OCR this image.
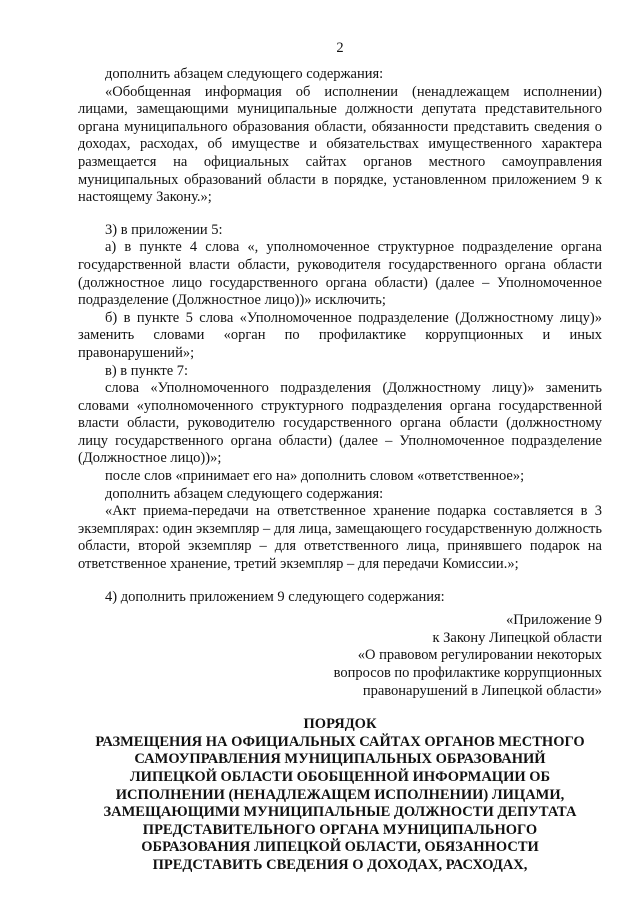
2

дополнить абзацем следующего содержания:

«Обобщенная информация об исполнении (ненадлежащем исполнении) лицами, замещающими муниципальные должности депутата представительного органа муниципального образования области, обязанности представить сведения о доходах, расходах, об имуществе и обязательствах имущественного характера размещается на официальных сайтах органов местного самоуправления муниципальных образований области в порядке, установленном приложением 9 к настоящему Закону.»;

3) в приложении 5:

а) в пункте 4 слова «, уполномоченное структурное подразделение органа государственной власти области, руководителя государственного органа области (должностное лицо государственного органа области) (далее – Уполномоченное подразделение (Должностное лицо))» исключить;

б) в пункте 5 слова «Уполномоченное подразделение (Должностному лицу)» заменить словами «орган по профилактике коррупционных и иных правонарушений»;

в) в пункте 7:

слова «Уполномоченного подразделения (Должностному лицу)» заменить словами «уполномоченного структурного подразделения органа государственной власти области, руководителю государственного органа области (должностному лицу государственного органа области) (далее – Уполномоченное подразделение (Должностное лицо))»;

после слов «принимает его на» дополнить словом «ответственное»;

дополнить абзацем следующего содержания:

«Акт приема-передачи на ответственное хранение подарка составляется в 3 экземплярах: один экземпляр – для лица, замещающего государственную должность области, второй экземпляр – для ответственного лица, принявшего подарок на ответственное хранение, третий экземпляр – для передачи Комиссии.»;

4) дополнить приложением 9 следующего содержания:

«Приложение 9
к Закону Липецкой области
«О правовом регулировании некоторых
вопросов по профилактике коррупционных
правонарушений в Липецкой области»
ПОРЯДОК
РАЗМЕЩЕНИЯ НА ОФИЦИАЛЬНЫХ САЙТАХ ОРГАНОВ МЕСТНОГО
САМОУПРАВЛЕНИЯ МУНИЦИПАЛЬНЫХ ОБРАЗОВАНИЙ
ЛИПЕЦКОЙ ОБЛАСТИ ОБОБЩЕННОЙ ИНФОРМАЦИИ ОБ
ИСПОЛНЕНИИ (НЕНАДЛЕЖАЩЕМ ИСПОЛНЕНИИ) ЛИЦАМИ,
ЗАМЕЩАЮЩИМИ МУНИЦИПАЛЬНЫЕ ДОЛЖНОСТИ ДЕПУТАТА
ПРЕДСТАВИТЕЛЬНОГО ОРГАНА МУНИЦИПАЛЬНОГО
ОБРАЗОВАНИЯ ЛИПЕЦКОЙ ОБЛАСТИ, ОБЯЗАННОСТИ
ПРЕДСТАВИТЬ СВЕДЕНИЯ О ДОХОДАХ, РАСХОДАХ,
